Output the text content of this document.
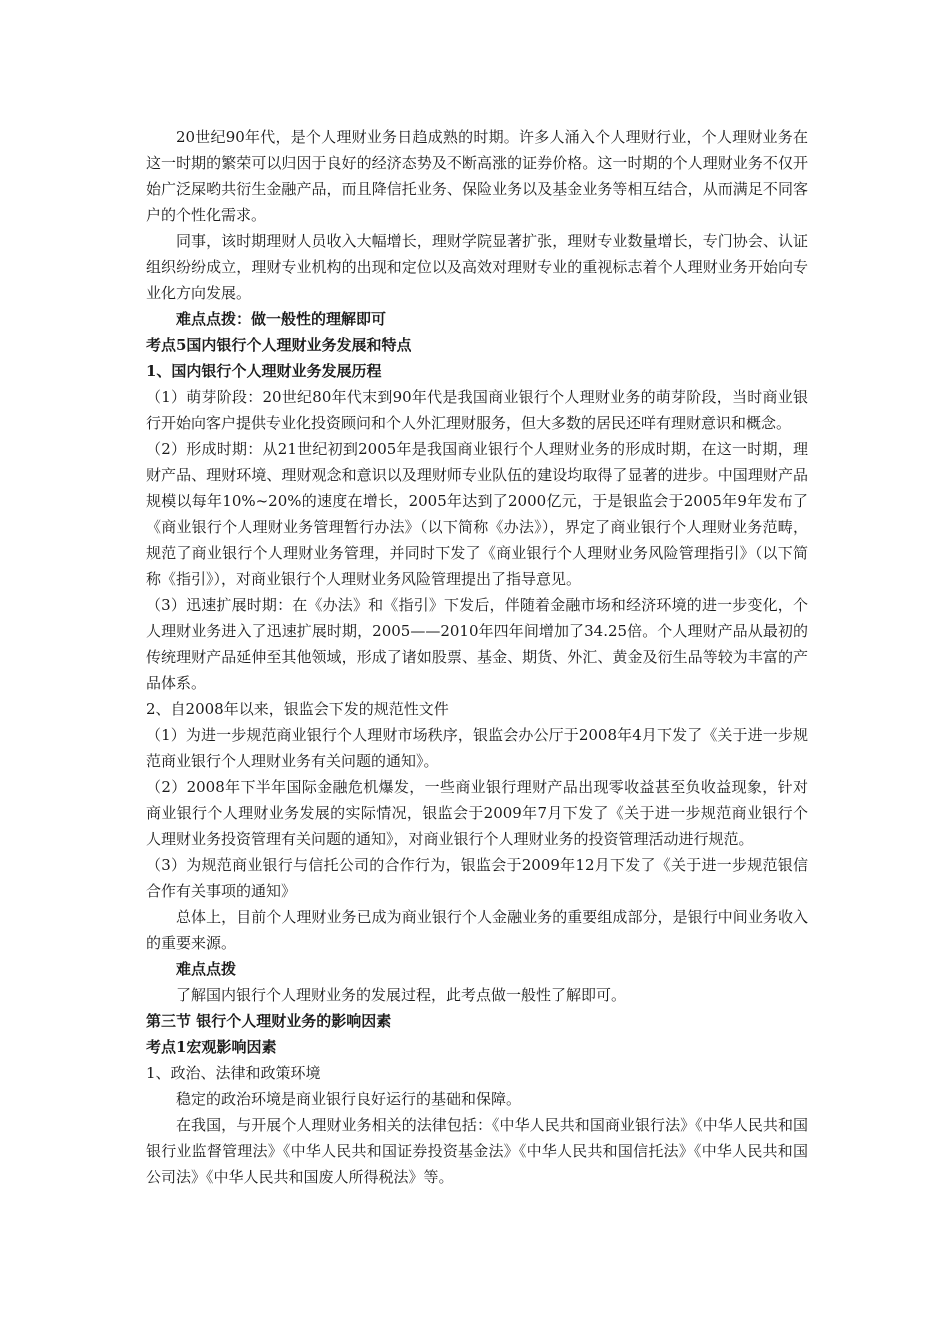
20世纪90年代，是个人理财业务日趋成熟的时期。许多人涌入个人理财行业，个人理财业务在这一时期的繁荣可以归因于良好的经济态势及不断高涨的证券价格。这一时期的个人理财业务不仅开始广泛屎哟共衍生金融产品，而且降信托业务、保险业务以及基金业务等相互结合，从而满足不同客户的个性化需求。

同事，该时期理财人员收入大幅增长，理财学院显著扩张，理财专业数量增长，专门协会、认证组织纷纷成立，理财专业机构的出现和定位以及高效对理财专业的重视标志着个人理财业务开始向专业化方向发展。

难点点拨：做一般性的理解即可

考点5国内银行个人理财业务发展和特点

1、国内银行个人理财业务发展历程

（1）萌芽阶段：20世纪80年代末到90年代是我国商业银行个人理财业务的萌芽阶段，当时商业银行开始向客户提供专业化投资顾问和个人外汇理财服务，但大多数的居民还咩有理财意识和概念。

（2）形成时期：从21世纪初到2005年是我国商业银行个人理财业务的形成时期，在这一时期，理财产品、理财环境、理财观念和意识以及理财师专业队伍的建设均取得了显著的进步。中国理财产品规模以每年10%~20%的速度在增长，2005年达到了2000亿元，于是银监会于2005年9年发布了《商业银行个人理财业务管理暂行办法》（以下简称《办法》），界定了商业银行个人理财业务范畴，规范了商业银行个人理财业务管理，并同时下发了《商业银行个人理财业务风险管理指引》（以下简称《指引》），对商业银行个人理财业务风险管理提出了指导意见。

（3）迅速扩展时期：在《办法》和《指引》下发后，伴随着金融市场和经济环境的进一步变化，个人理财业务进入了迅速扩展时期，2005——2010年四年间增加了34.25倍。个人理财产品从最初的传统理财产品延伸至其他领域，形成了诸如股票、基金、期货、外汇、黄金及衍生品等较为丰富的产品体系。

2、自2008年以来，银监会下发的规范性文件

（1）为进一步规范商业银行个人理财市场秩序，银监会办公厅于2008年4月下发了《关于进一步规范商业银行个人理财业务有关问题的通知》。

（2）2008年下半年国际金融危机爆发，一些商业银行理财产品出现零收益甚至负收益现象，针对商业银行个人理财业务发展的实际情况，银监会于2009年7月下发了《关于进一步规范商业银行个人理财业务投资管理有关问题的通知》，对商业银行个人理财业务的投资管理活动进行规范。

（3）为规范商业银行与信托公司的合作行为，银监会于2009年12月下发了《关于进一步规范银信合作有关事项的通知》

总体上，目前个人理财业务已成为商业银行个人金融业务的重要组成部分，是银行中间业务收入的重要来源。

难点点拨

了解国内银行个人理财业务的发展过程，此考点做一般性了解即可。

第三节 银行个人理财业务的影响因素

考点1宏观影响因素

1、政治、法律和政策环境

稳定的政治环境是商业银行良好运行的基础和保障。

在我国，与开展个人理财业务相关的法律包括：《中华人民共和国商业银行法》《中华人民共和国银行业监督管理法》《中华人民共和国证券投资基金法》《中华人民共和国信托法》《中华人民共和国公司法》《中华人民共和国废人所得税法》等。
